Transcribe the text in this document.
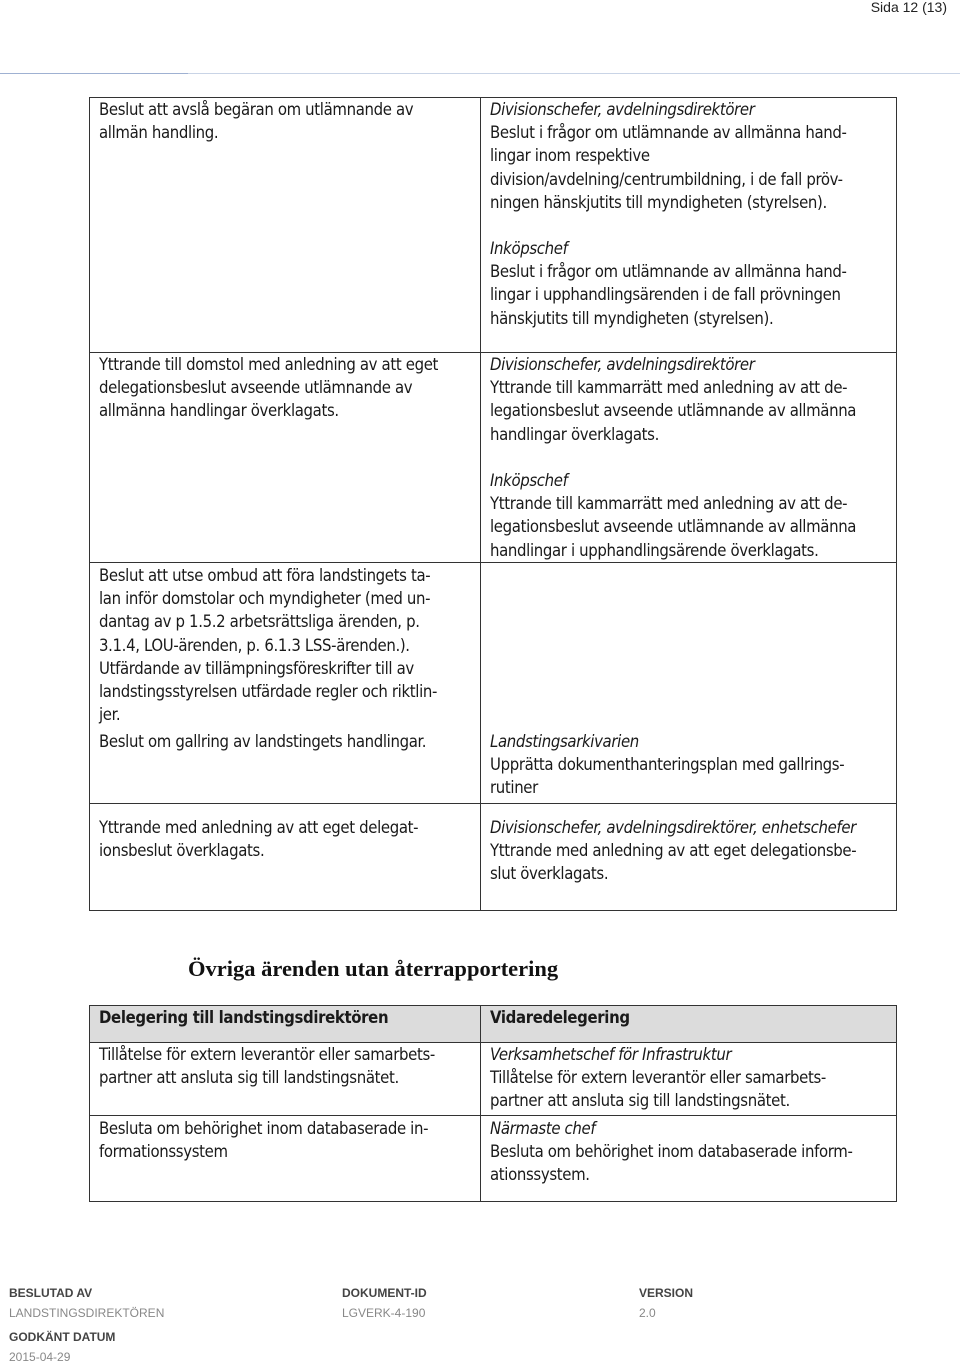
Sida 12 (13)
Beslut att avslå begäran om utlämnande av
allmän handling.
Divisionschefer, avdelningsdirektörer
Beslut i frågor om utlämnande av allmänna hand-
lingar inom respektive
division/avdelning/centrumbildning, i de fall pröv-
ningen hänskjutits till myndigheten (styrelsen).
Inköpschef
Beslut i frågor om utlämnande av allmänna hand-
lingar i upphandlingsärenden i de fall prövningen
hänskjutits till myndigheten (styrelsen).
Yttrande till domstol med anledning av att eget
delegationsbeslut avseende utlämnande av
allmänna handlingar överklagats.
Divisionschefer, avdelningsdirektörer
Yttrande till kammarrätt med anledning av att de-
legationsbeslut avseende utlämnande av allmänna
handlingar överklagats.
Inköpschef
Yttrande till kammarrätt med anledning av att de-
legationsbeslut avseende utlämnande av allmänna
handlingar i upphandlingsärende överklagats.
Beslut att utse ombud att föra landstingets ta-
lan inför domstolar och myndigheter (med un-
dantag av p 1.5.2 arbetsrättsliga ärenden, p.
3.1.4, LOU-ärenden, p. 6.1.3 LSS-ärenden.).
Utfärdande av tillämpningsföreskrifter till av
landstingsstyrelsen utfärdade regler och riktlin-
jer.
Beslut om gallring av landstingets handlingar.	Landstingsarkivarien
Upprätta dokumenthanteringsplan med gallrings-
rutiner
Yttrande med anledning av att eget delegat-
ionsbeslut överklagats.
Divisionschefer, avdelningsdirektörer, enhetschefer
Yttrande med anledning av att eget delegationsbe-
slut överklagats.
Övriga ärenden utan återrapportering
Delegering till landstingsdirektören	Vidaredelegering
Tillåtelse för extern leverantör eller samarbets-
partner att ansluta sig till landstingsnätet.
Verksamhetschef för Infrastruktur
Tillåtelse för extern leverantör eller samarbets-
partner att ansluta sig till landstingsnätet.
Besluta om behörighet inom databaserade in-
formationssystem
Närmaste chef
Besluta om behörighet inom databaserade inform-
ationssystem.
BESLUTAD AV
LANDSTINGSDIREKTÖREN
DOKUMENT-ID
LGVERK-4-190
VERSION
2.0
GODKÄNT DATUM
2015-04-29
